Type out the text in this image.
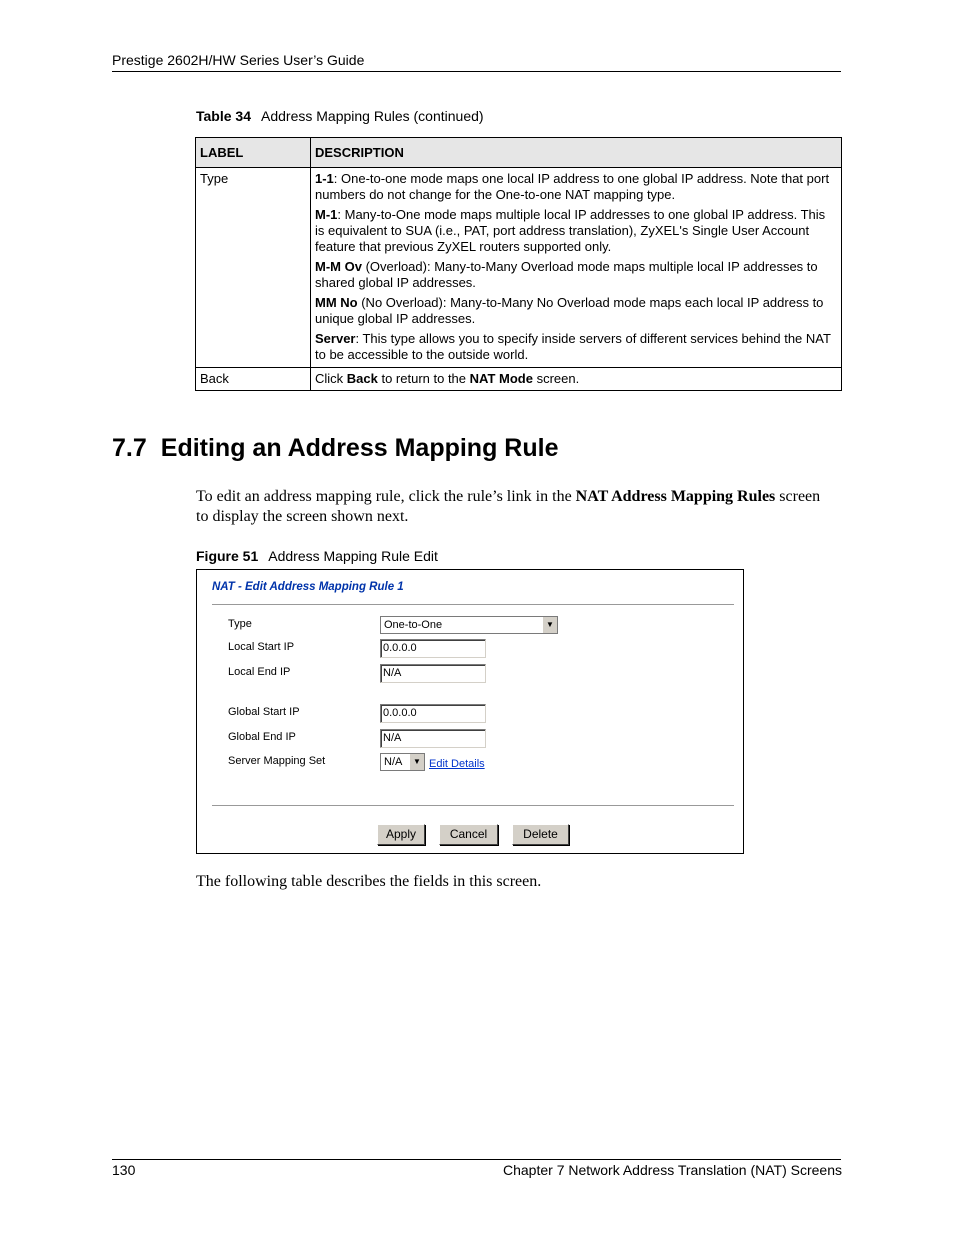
Prestige 2602H/HW Series User’s Guide
Table 34 Address Mapping Rules (continued)
LABEL	DESCRIPTION
Type	1-1: One-to-one mode maps one local IP address to one global IP address. Note that port numbers do not change for the One-to-one NAT mapping type.

M-1: Many-to-One mode maps multiple local IP addresses to one global IP address. This is equivalent to SUA (i.e., PAT, port address translation), ZyXEL's Single User Account feature that previous ZyXEL routers supported only.

M-M Ov (Overload): Many-to-Many Overload mode maps multiple local IP addresses to shared global IP addresses.

MM No (No Overload): Many-to-Many No Overload mode maps each local IP address to unique global IP addresses.

Server: This type allows you to specify inside servers of different services behind the NAT to be accessible to the outside world.

Back	Click Back to return to the NAT Mode screen.
7.7 Editing an Address Mapping Rule
To edit an address mapping rule, click the rule’s link in the NAT Address Mapping Rules screen to display the screen shown next.
Figure 51 Address Mapping Rule Edit
NAT - Edit Address Mapping Rule 1
Type	One-to-One	▼
Local Start IP	0.0.0.0
Local End IP	N/A
Global Start IP	0.0.0.0
Global End IP	N/A
Server Mapping Set	N/A	▼ Edit Details
Apply	Cancel	Delete
The following table describes the fields in this screen.
130	Chapter 7 Network Address Translation (NAT) Screens
